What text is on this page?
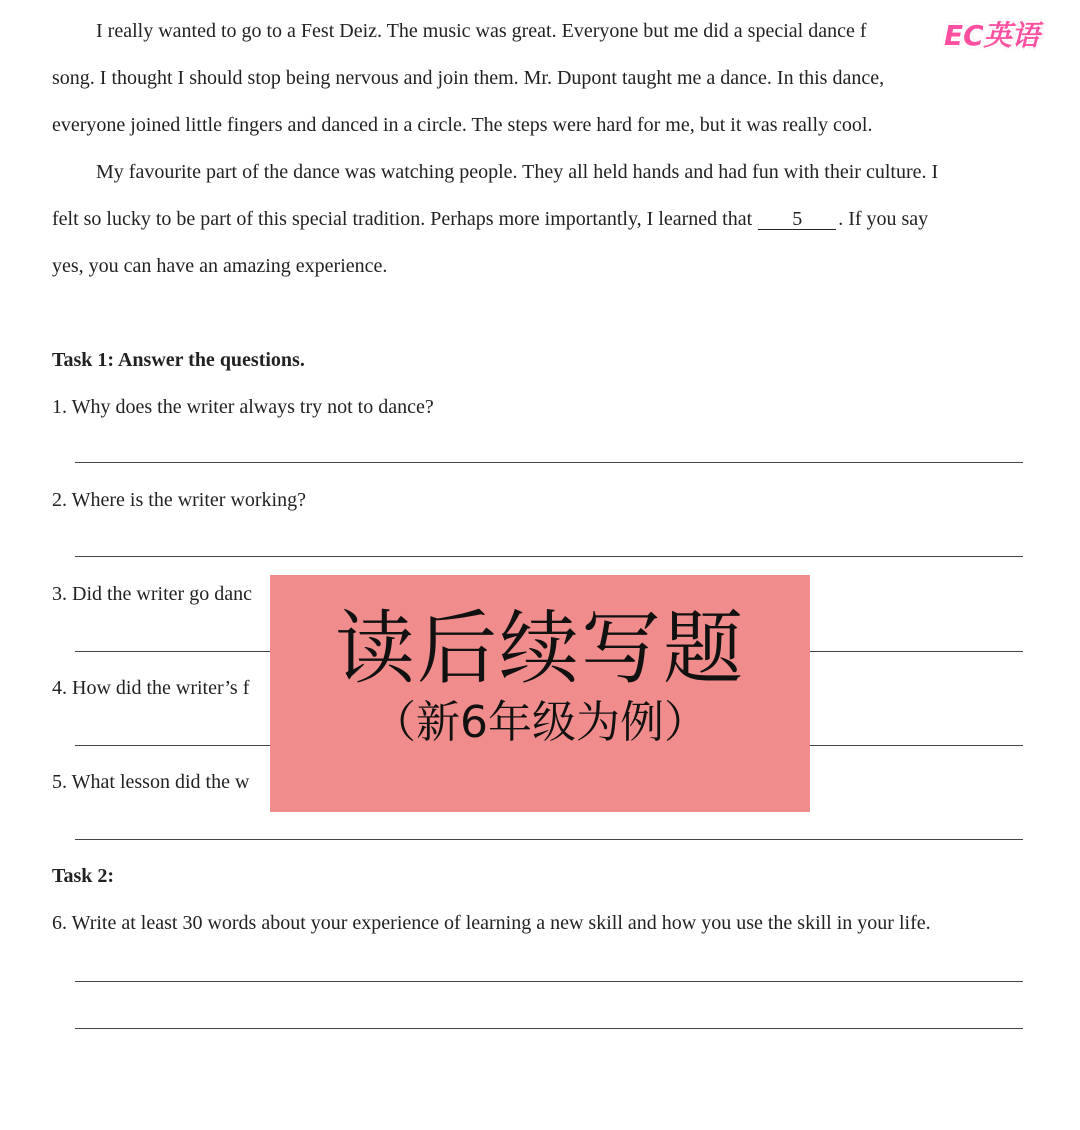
I really wanted to go to a Fest Deiz. The music was great. Everyone but me did a special dance f
song. I thought I should stop being nervous and join them. Mr. Dupont taught me a dance. In this dance,
everyone joined little fingers and danced in a circle. The steps were hard for me, but it was really cool.
My favourite part of the dance was watching people. They all held hands and had fun with their culture. I
felt so lucky to be part of this special tradition. Perhaps more importantly, I learned that 5 . If you say
yes, you can have an amazing experience.
Task 1: Answer the questions.
1. Why does the writer always try not to dance?
2. Where is the writer working?
3. Did the writer go danc
4. How did the writer’s f
5. What lesson did the w
Task 2:
6. Write at least 30 words about your experience of learning a new skill and how you use the skill in your life.
读后续写题
（新6年级为例）
EC英语
